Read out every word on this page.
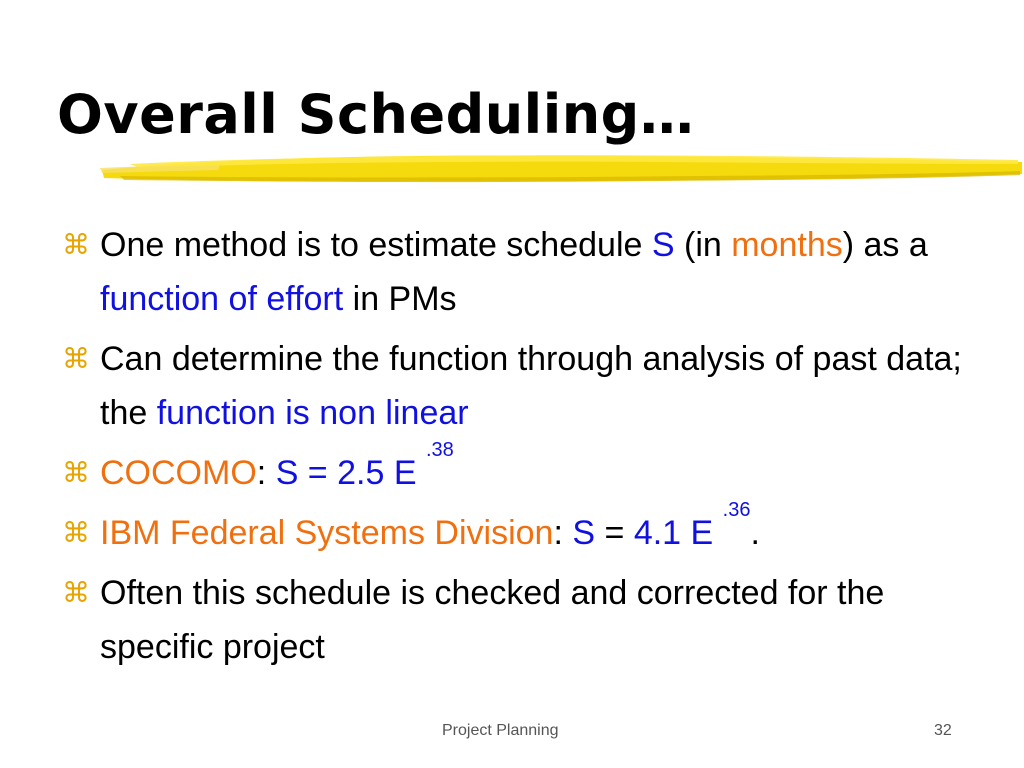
Overall Scheduling…
⌘ One method is to estimate schedule S (in months) as a function of effort in PMs
⌘ Can determine the function through analysis of past data; the function is non linear
⌘ COCOMO: S = 2.5 E $^{.38}$
⌘ IBM Federal Systems Division: S = 4.1 E $^{.36}$.
⌘ Often this schedule is checked and corrected for the specific project
Project Planning	32
